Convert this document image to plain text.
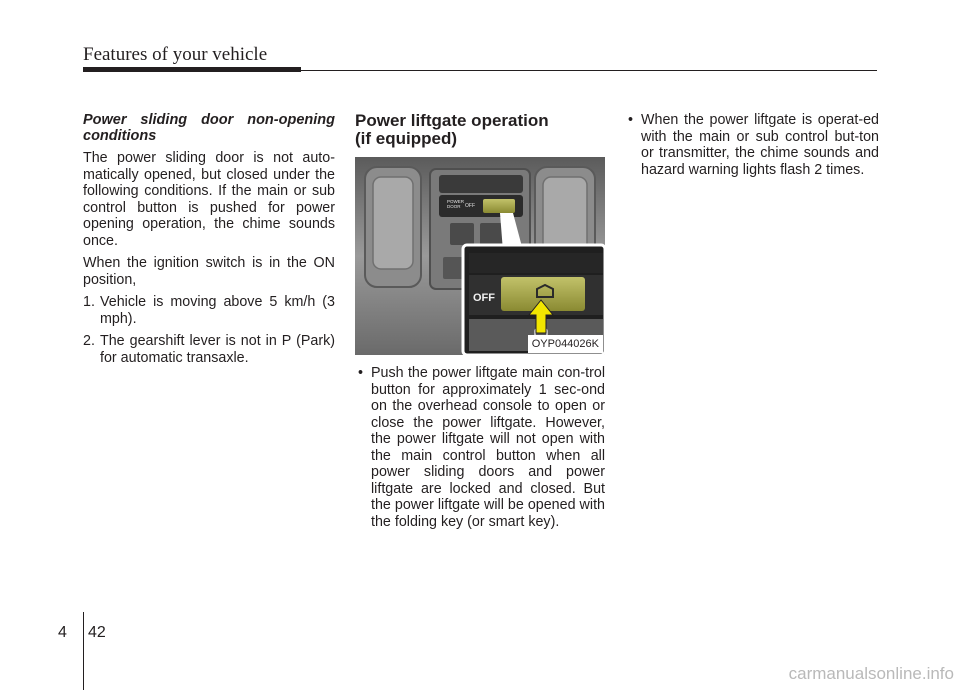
Features of your vehicle

Power sliding door non-opening conditions

The power sliding door is not auto-matically opened, but closed under the following conditions. If the main or sub control button is pushed for power opening operation, the chime sounds once.

When the ignition switch is in the ON position,

1. Vehicle is moving above 5 km/h (3 mph).
2. The gearshift lever is not in P (Park) for automatic transaxle.
Power liftgate operation
(if equipped)
POWER
DOOR OFF
OFF
OYP044026K
• Push the power liftgate main con-trol button for approximately 1 sec-ond on the overhead console to open or close the power liftgate. However, the power liftgate will not open with the main control button when all power sliding doors and power liftgate are locked and closed. But the power liftgate will be opened with the folding key (or smart key).
• When the power liftgate is operat-ed with the main or sub control but-ton or transmitter, the chime sounds and hazard warning lights flash 2 times.
4 42
carmanualsonline.info
